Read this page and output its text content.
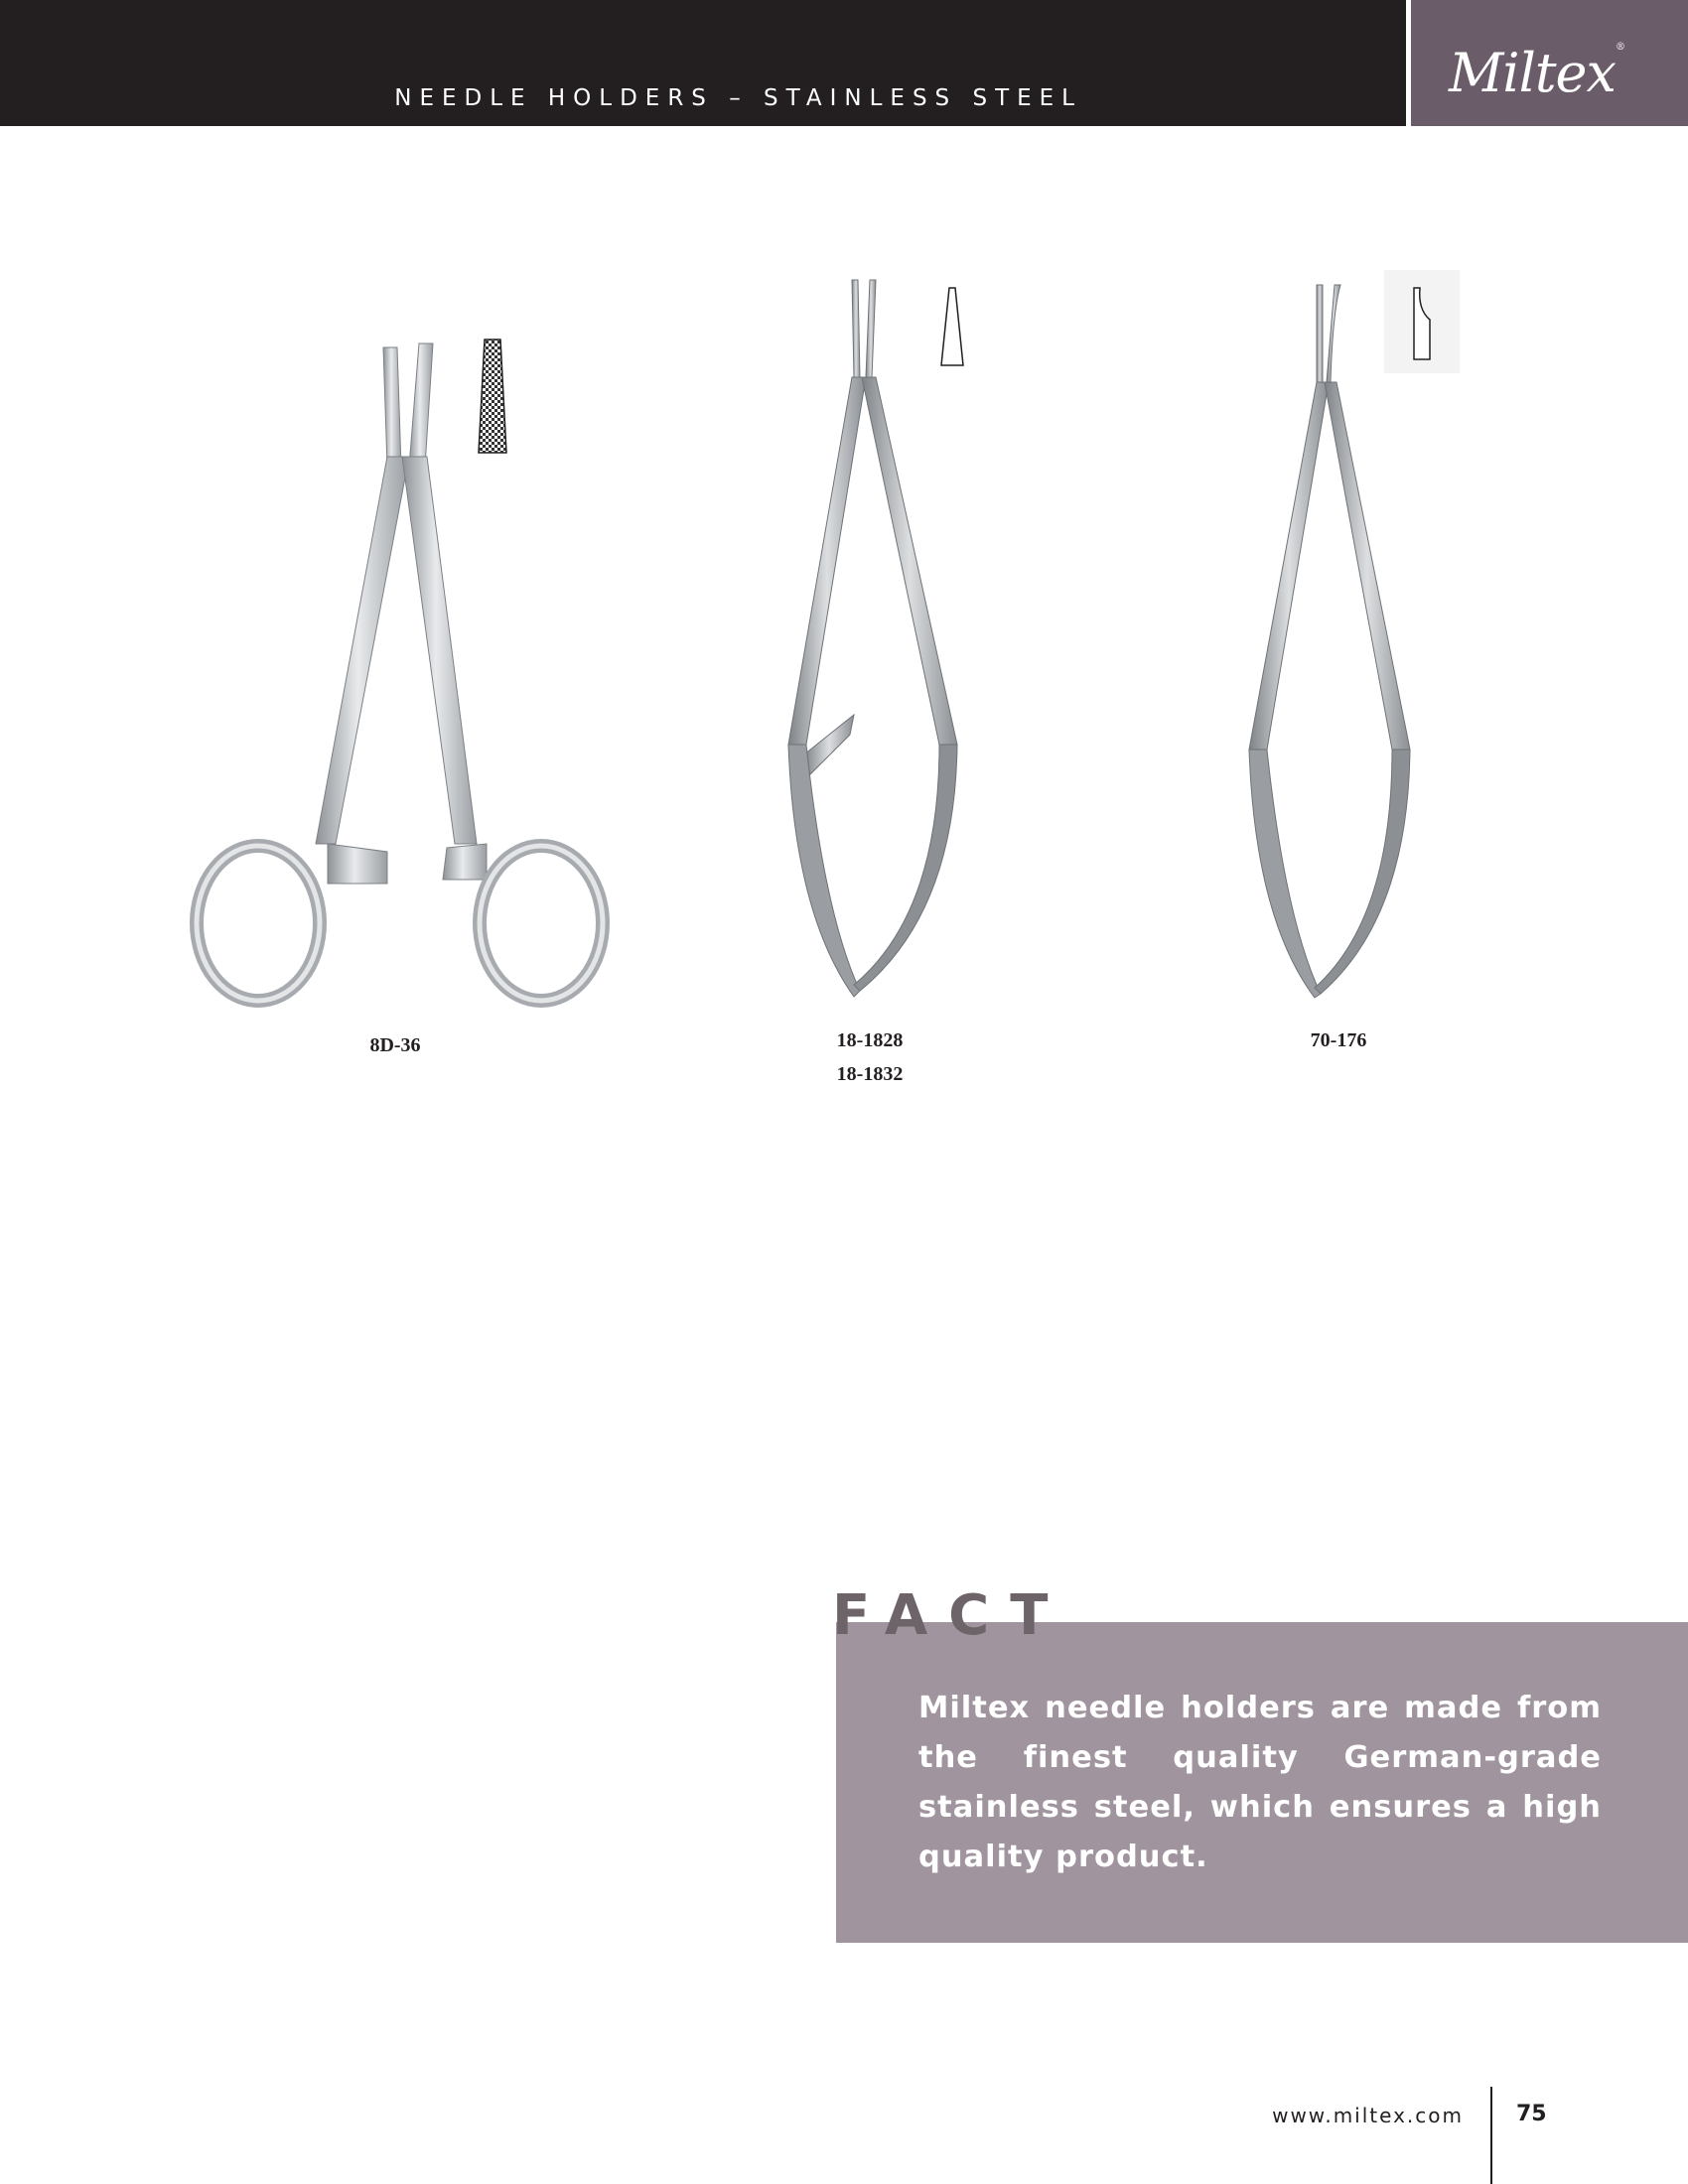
NEEDLE HOLDERS – STAINLESS STEEL	Miltex®
8D-36	18-1828
18-1832
70-176
FACT
Miltex needle holders are made from the finest quality German-grade stainless steel, which ensures a high quality product.
www.miltex.com 75
